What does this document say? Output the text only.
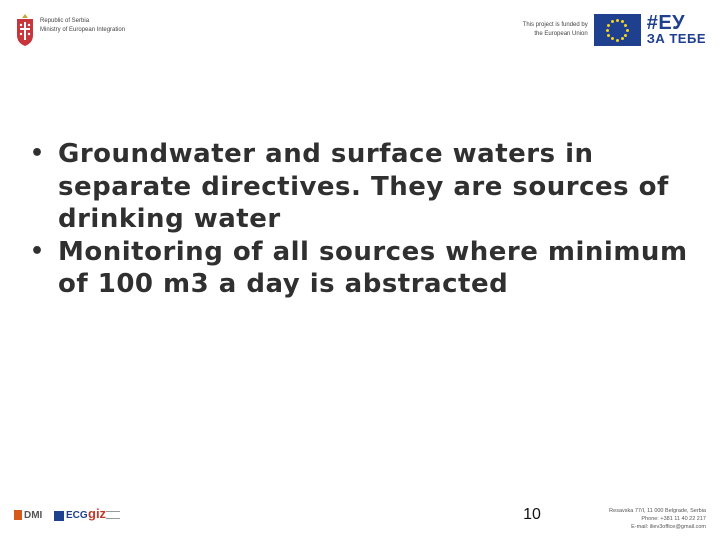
Republic of Serbia
Ministry of European Integration
This project is funded by
the European Union	#ЕУ
ЗА ТЕБЕ
• Groundwater and surface waters in separate directives. They are sources of drinking water
• Monitoring of all sources where minimum of 100 m3 a day is abstracted
DMI ECG giz	10	Resavska 77/I, 11 000 Belgrade, Serbia
Phone: +381 11 40 22 217
E-mail: iliev3office@gmail.com
